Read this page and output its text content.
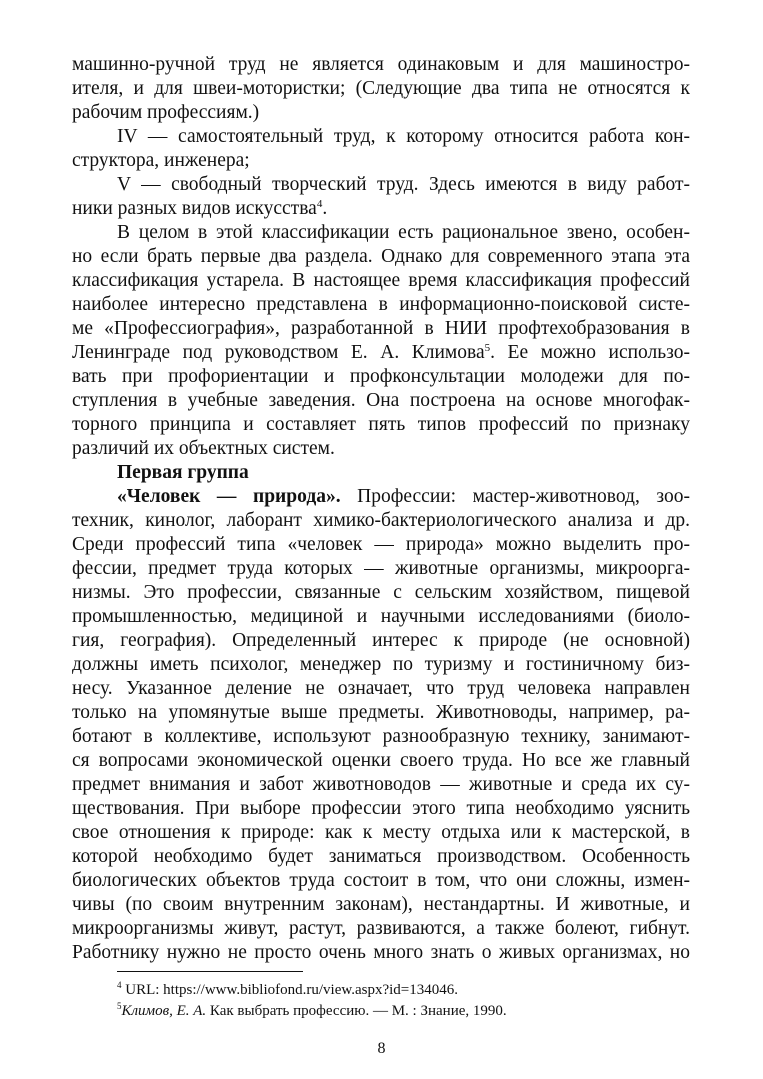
машинно-ручной труд не является одинаковым и для машиностро-
ителя, и для швеи-мотористки; (Следующие два типа не относятся к
рабочим профессиям.)
IV — самостоятельный труд, к которому относится работа кон-
структора, инженера;
V — свободный творческий труд. Здесь имеются в виду работ-
ники разных видов искусства$^4$.
В целом в этой классификации есть рациональное звено, особен-
но если брать первые два раздела. Однако для современного этапа эта
классификация устарела. В настоящее время классификация профессий
наиболее интересно представлена в информационно-поисковой систе-
ме «Профессиография», разработанной в НИИ профтехобразования в
Ленинграде под руководством Е. А. Климова$^5$. Ее можно использо-
вать при профориентации и профконсультации молодежи для по-
ступления в учебные заведения. Она построена на основе многофак-
торного принципа и составляет пять типов профессий по признаку
различий их объектных систем.
Первая группа
«Человек — природа». Профессии: мастер-животновод, зоо-
техник, кинолог, лаборант химико-бактериологического анализа и др.
Среди профессий типа «человек — природа» можно выделить про-
фессии, предмет труда которых — животные организмы, микроорга-
низмы. Это профессии, связанные с сельским хозяйством, пищевой
промышленностью, медициной и научными исследованиями (биоло-
гия, география). Определенный интерес к природе (не основной)
должны иметь психолог, менеджер по туризму и гостиничному биз-
несу. Указанное деление не означает, что труд человека направлен
только на упомянутые выше предметы. Животноводы, например, ра-
ботают в коллективе, используют разнообразную технику, занимают-
ся вопросами экономической оценки своего труда. Но все же главный
предмет внимания и забот животноводов — животные и среда их су-
ществования. При выборе профессии этого типа необходимо уяснить
свое отношения к природе: как к месту отдыха или к мастерской, в
которой необходимо будет заниматься производством. Особенность
биологических объектов труда состоит в том, что они сложны, измен-
чивы (по своим внутренним законам), нестандартны. И животные, и
микроорганизмы живут, растут, развиваются, а также болеют, гибнут.
Работнику нужно не просто очень много знать о живых организмах, но
$^4$ URL: https://www.bibliofond.ru/view.aspx?id=134046.
$^5$Климов, Е. А. Как выбрать профессию. — М. : Знание, 1990.
8
